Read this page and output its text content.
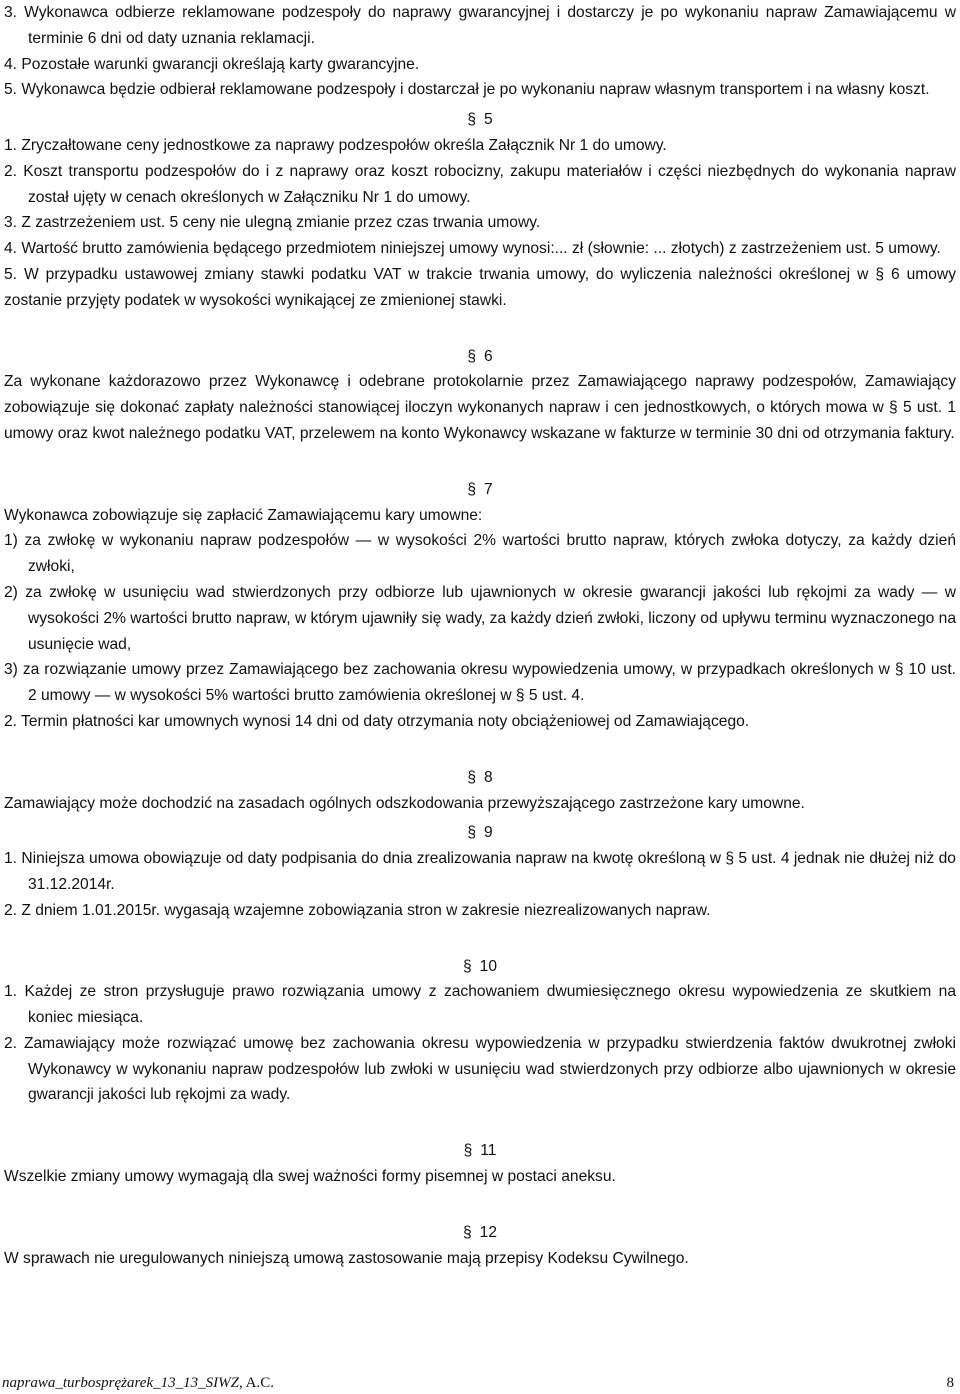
3. Wykonawca odbierze reklamowane podzespoły do naprawy gwarancyjnej i dostarczy je po wykonaniu napraw Zamawiającemu w terminie 6 dni od daty uznania reklamacji.

4. Pozostałe warunki gwarancji określają karty gwarancyjne.

5. Wykonawca będzie odbierał reklamowane podzespoły i dostarczał je po wykonaniu napraw własnym transportem i na własny koszt.

§ 5

1. Zryczałtowane ceny jednostkowe za naprawy podzespołów określa Załącznik Nr 1 do umowy.

2. Koszt transportu podzespołów do i z naprawy oraz koszt robocizny, zakupu materiałów i części niezbędnych do wykonania napraw został ujęty w cenach określonych w Załączniku Nr 1 do umowy.

3. Z zastrzeżeniem ust. 5 ceny nie ulegną zmianie przez czas trwania umowy.

4. Wartość brutto zamówienia będącego przedmiotem niniejszej umowy wynosi:... zł (słownie: ... złotych) z zastrzeżeniem ust. 5 umowy.

5. W przypadku ustawowej zmiany stawki podatku VAT w trakcie trwania umowy, do wyliczenia należności określonej w § 6 umowy zostanie przyjęty podatek w wysokości wynikającej ze zmienionej stawki.

§ 6

Za wykonane każdorazowo przez Wykonawcę i odebrane protokolarnie przez Zamawiającego naprawy podzespołów, Zamawiający zobowiązuje się dokonać zapłaty należności stanowiącej iloczyn wykonanych napraw i cen jednostkowych, o których mowa w § 5 ust. 1 umowy oraz kwot należnego podatku VAT, przelewem na konto Wykonawcy wskazane w fakturze w terminie 30 dni od otrzymania faktury.

§ 7

Wykonawca zobowiązuje się zapłacić Zamawiającemu kary umowne:

1) za zwłokę w wykonaniu napraw podzespołów — w wysokości 2% wartości brutto napraw, których zwłoka dotyczy, za każdy dzień zwłoki,

2) za zwłokę w usunięciu wad stwierdzonych przy odbiorze lub ujawnionych w okresie gwarancji jakości lub rękojmi za wady — w wysokości 2% wartości brutto napraw, w którym ujawniły się wady, za każdy dzień zwłoki, liczony od upływu terminu wyznaczonego na usunięcie wad,

3) za rozwiązanie umowy przez Zamawiającego bez zachowania okresu wypowiedzenia umowy, w przypadkach określonych w § 10 ust. 2 umowy — w wysokości 5% wartości brutto zamówienia określonej w § 5 ust. 4.

2. Termin płatności kar umownych wynosi 14 dni od daty otrzymania noty obciążeniowej od Zamawiającego.

§ 8

Zamawiający może dochodzić na zasadach ogólnych odszkodowania przewyższającego zastrzeżone kary umowne.

§ 9

1. Niniejsza umowa obowiązuje od daty podpisania do dnia zrealizowania napraw na kwotę określoną w § 5 ust. 4 jednak nie dłużej niż do 31.12.2014r.

2. Z dniem 1.01.2015r. wygasają wzajemne zobowiązania stron w zakresie niezrealizowanych napraw.

§ 10

1. Każdej ze stron przysługuje prawo rozwiązania umowy z zachowaniem dwumiesięcznego okresu wypowiedzenia ze skutkiem na koniec miesiąca.

2. Zamawiający może rozwiązać umowę bez zachowania okresu wypowiedzenia w przypadku stwierdzenia faktów dwukrotnej zwłoki Wykonawcy w wykonaniu napraw podzespołów lub zwłoki w usunięciu wad stwierdzonych przy odbiorze albo ujawnionych w okresie gwarancji jakości lub rękojmi za wady.

§ 11

Wszelkie zmiany umowy wymagają dla swej ważności formy pisemnej w postaci aneksu.

§ 12

W sprawach nie uregulowanych niniejszą umową zastosowanie mają przepisy Kodeksu Cywilnego.

naprawa_turbosprężarek_13_13_SIWZ, A.C.	8
